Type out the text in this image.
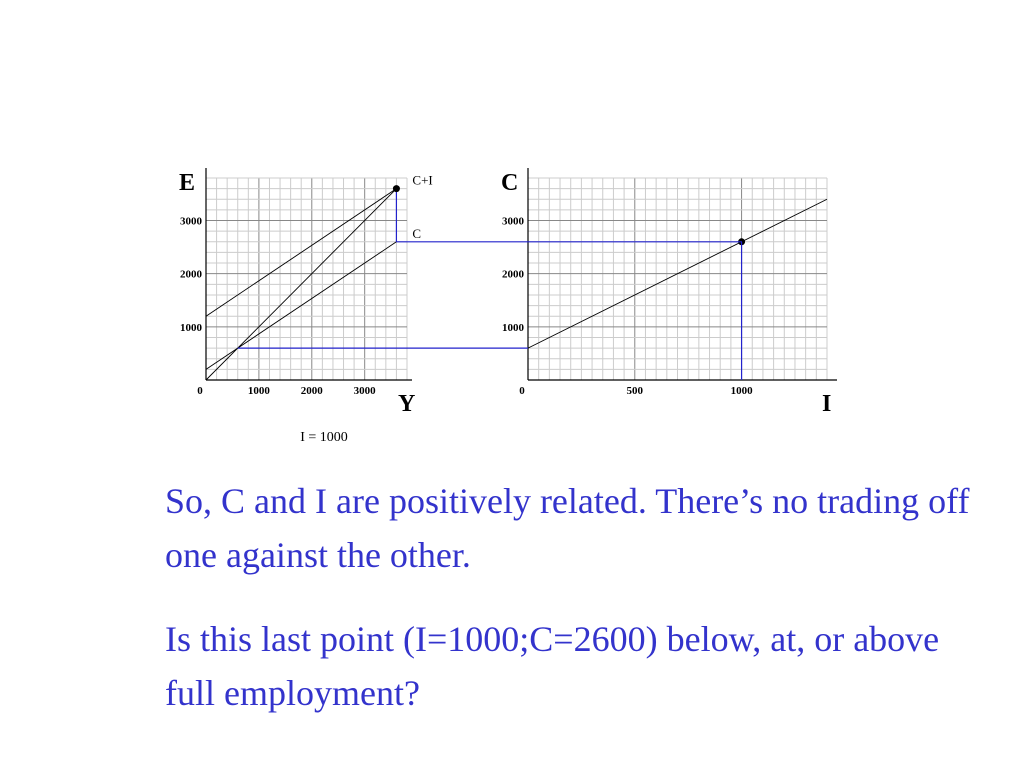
E
Y
0	1000	2000	3000
1000
2000
3000
C+I
C
I = 1000
C
I
0	500	1000
1000
2000
3000

So, C and I are positively related. There’s no trading off one against the other.

Is this last point (I=1000;C=2600) below, at, or above full employment?
